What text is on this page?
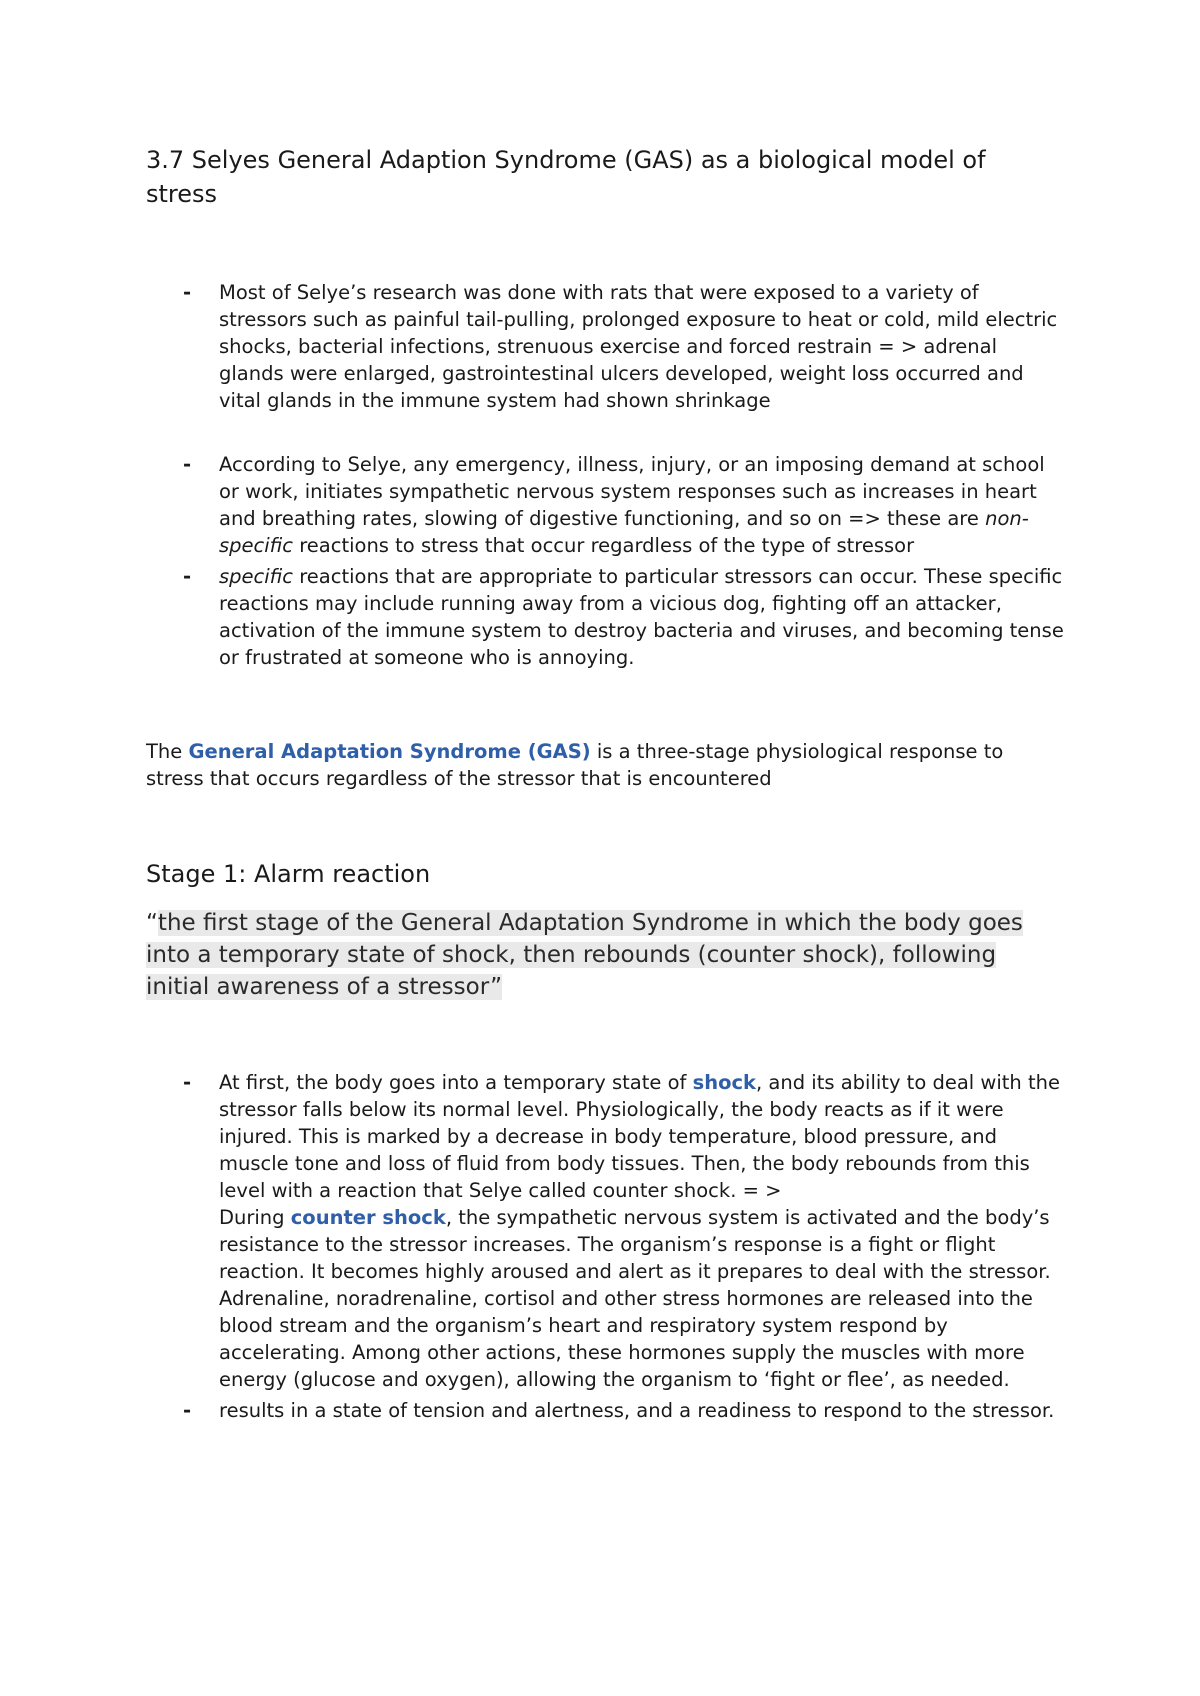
3.7 Selyes General Adaption Syndrome (GAS) as a biological model of stress
- Most of Selye’s research was done with rats that were exposed to a variety of stressors such as painful tail-pulling, prolonged exposure to heat or cold, mild electric shocks, bacterial infections, strenuous exercise and forced restrain = > adrenal glands were enlarged, gastrointestinal ulcers developed, weight loss occurred and vital glands in the immune system had shown shrinkage
- According to Selye, any emergency, illness, injury, or an imposing demand at school or work, initiates sympathetic nervous system responses such as increases in heart and breathing rates, slowing of digestive functioning, and so on => these are non-specific reactions to stress that occur regardless of the type of stressor
- specific reactions that are appropriate to particular stressors can occur. These specific reactions may include running away from a vicious dog, fighting off an attacker, activation of the immune system to destroy bacteria and viruses, and becoming tense or frustrated at someone who is annoying.

The General Adaptation Syndrome (GAS) is a three-stage physiological response to stress that occurs regardless of the stressor that is encountered

Stage 1: Alarm reaction

“the first stage of the General Adaptation Syndrome in which the body goes into a temporary state of shock, then rebounds (counter shock), following initial awareness of a stressor”

- At first, the body goes into a temporary state of shock, and its ability to deal with the stressor falls below its normal level. Physiologically, the body reacts as if it were injured. This is marked by a decrease in body temperature, blood pressure, and muscle tone and loss of fluid from body tissues. Then, the body rebounds from this level with a reaction that Selye called counter shock. = >
During counter shock, the sympathetic nervous system is activated and the body’s resistance to the stressor increases. The organism’s response is a fight or flight reaction. It becomes highly aroused and alert as it prepares to deal with the stressor. Adrenaline, noradrenaline, cortisol and other stress hormones are released into the blood stream and the organism’s heart and respiratory system respond by accelerating. Among other actions, these hormones supply the muscles with more energy (glucose and oxygen), allowing the organism to ‘fight or flee’, as needed.
- results in a state of tension and alertness, and a readiness to respond to the stressor.
